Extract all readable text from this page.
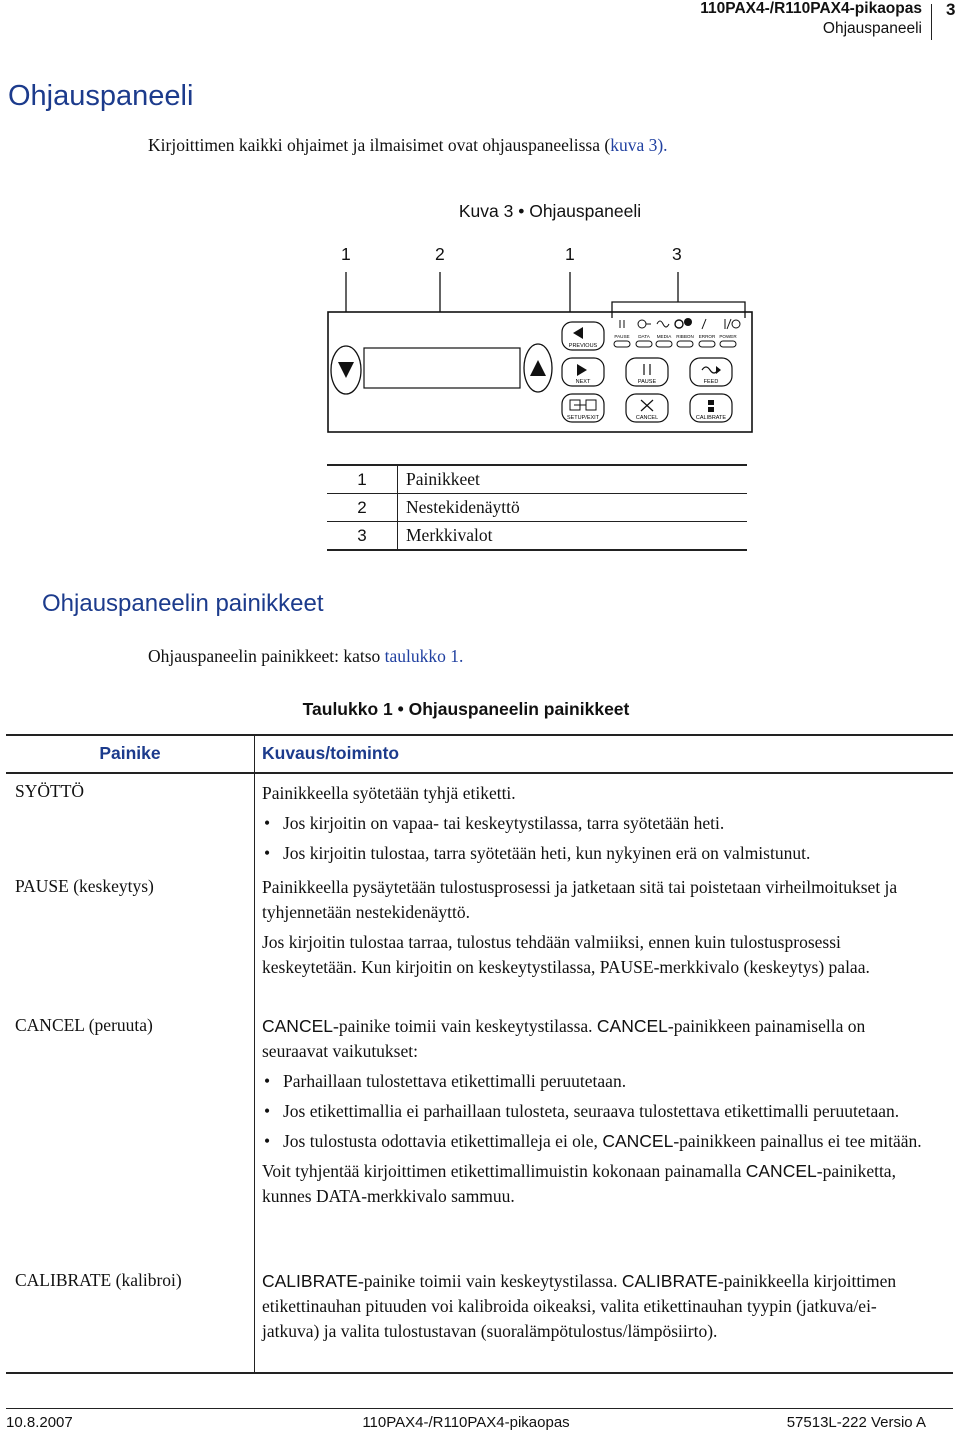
110PAX4-/R110PAX4-pikaopas
Ohjauspaneeli
3
Ohjauspaneeli
Kirjoittimen kaikki ohjaimet ja ilmaisimet ovat ohjauspaneelissa (kuva 3).
Kuva 3 • Ohjauspaneeli
1	2	1	3
PREVIOUS
NEXT
SETUP/EXIT
PAUSE
CANCEL
FEED
CALIBRATE
PAUSE DATA MEDIA RIBBON ERROR POWER
1	Painikkeet
2	Nestekidenäyttö
3	Merkkivalot
Ohjauspaneelin painikkeet
Ohjauspaneelin painikkeet: katso taulukko 1.
Taulukko 1 • Ohjauspaneelin painikkeet
Painike	Kuvaus/toiminto
SYÖTTÖ	Painikkeella syötetään tyhjä etiketti.

• Jos kirjoitin on vapaa- tai keskeytystilassa, tarra syötetään heti.
• Jos kirjoitin tulostaa, tarra syötetään heti, kun nykyinen erä on valmistunut.
PAUSE (keskeytys)	Painikkeella pysäytetään tulostusprosessi ja jatketaan sitä tai poistetaan virheilmoitukset ja tyhjennetään nestekidenäyttö.

Jos kirjoitin tulostaa tarraa, tulostus tehdään valmiiksi, ennen kuin tulostusprosessi keskeytetään. Kun kirjoitin on keskeytystilassa, PAUSE-merkkivalo (keskeytys) palaa.

CANCEL (peruuta)	CANCEL-painike toimii vain keskeytystilassa. CANCEL-painikkeen painamisella on seuraavat vaikutukset:

• Parhaillaan tulostettava etikettimalli peruutetaan.
• Jos etikettimallia ei parhaillaan tulosteta, seuraava tulostettava etikettimalli peruutetaan.
• Jos tulostusta odottavia etikettimalleja ei ole, CANCEL-painikkeen painallus ei tee mitään.

Voit tyhjentää kirjoittimen etikettimallimuistin kokonaan painamalla CANCEL-painiketta, kunnes DATA-merkkivalo sammuu.

CALIBRATE (kalibroi)	CALIBRATE-painike toimii vain keskeytystilassa. CALIBRATE-painikkeella kirjoittimen etikettinauhan pituuden voi kalibroida oikeaksi, valita etikettinauhan tyypin (jatkuva/ei-jatkuva) ja valita tulostustavan (suoralämpötulostus/lämpösiirto).

10.8.2007	110PAX4-/R110PAX4-pikaopas	57513L-222 Versio A
